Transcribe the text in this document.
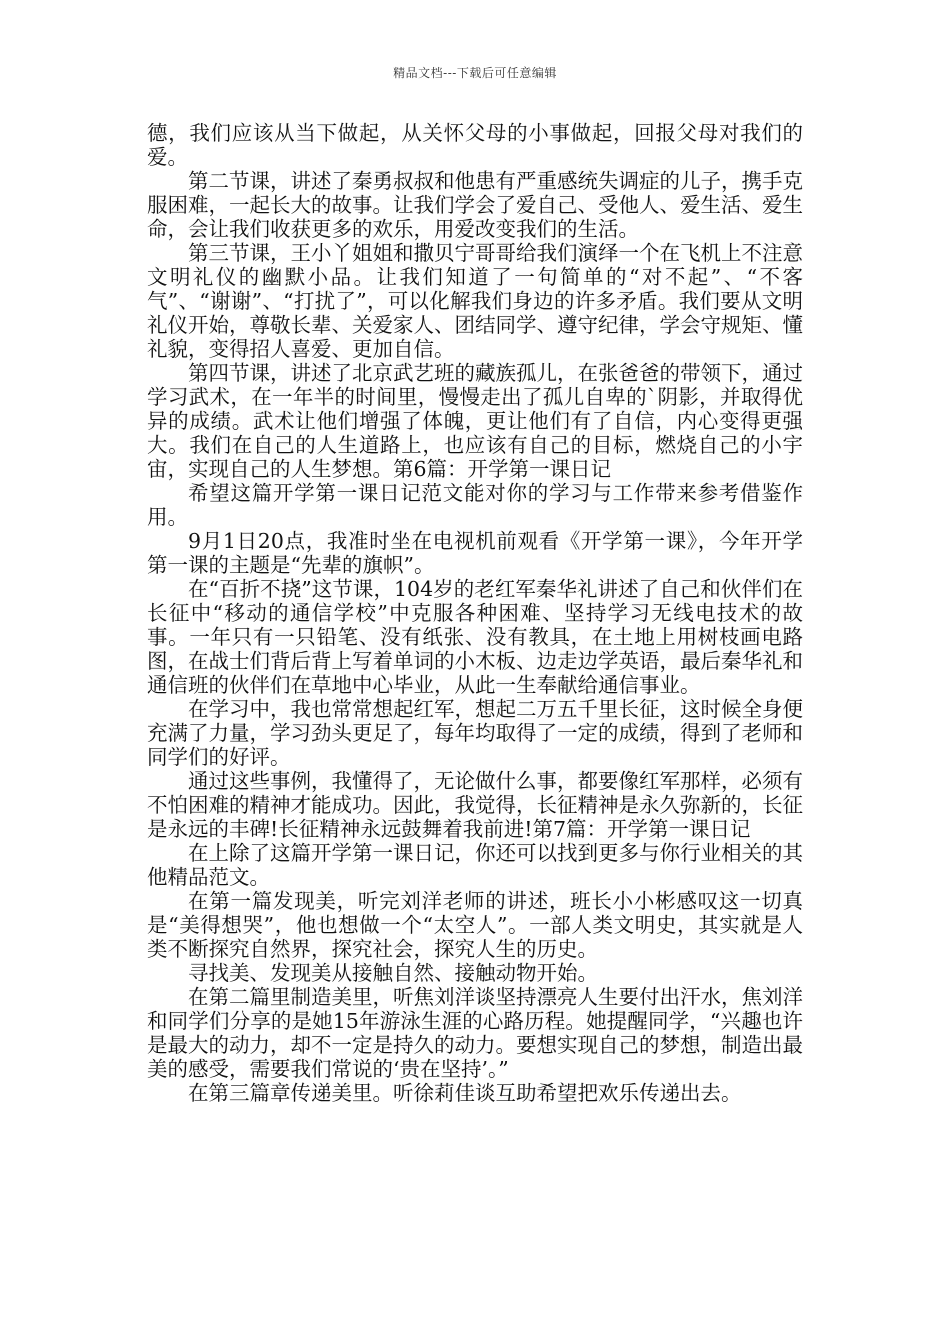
精品文档---下载后可任意编辑

德，我们应该从当下做起，从关怀父母的小事做起，回报父母对我们的爱。

第二节课，讲述了秦勇叔叔和他患有严重感统失调症的儿子，携手克服困难，一起长大的故事。让我们学会了爱自己、受他人、爱生活、爱生命，会让我们收获更多的欢乐，用爱改变我们的生活。

第三节课，王小丫姐姐和撒贝宁哥哥给我们演绎一个在飞机上不注意文明礼仪的幽默小品。让我们知道了一句简单的“对不起”、“不客气”、“谢谢”、“打扰了”，可以化解我们身边的许多矛盾。我们要从文明礼仪开始，尊敬长辈、关爱家人、团结同学、遵守纪律，学会守规矩、懂礼貌，变得招人喜爱、更加自信。

第四节课，讲述了北京武艺班的藏族孤儿，在张爸爸的带领下，通过学习武术，在一年半的时间里，慢慢走出了孤儿自卑的`阴影，并取得优异的成绩。武术让他们增强了体魄，更让他们有了自信，内心变得更强大。我们在自己的人生道路上，也应该有自己的目标，燃烧自己的小宇宙，实现自己的人生梦想。第6篇：开学第一课日记

希望这篇开学第一课日记范文能对你的学习与工作带来参考借鉴作用。

9月1日20点，我准时坐在电视机前观看《开学第一课》，今年开学第一课的主题是“先辈的旗帜”。

在“百折不挠”这节课，104岁的老红军秦华礼讲述了自己和伙伴们在长征中“移动的通信学校”中克服各种困难、坚持学习无线电技术的故事。一年只有一只铅笔、没有纸张、没有教具，在土地上用树枝画电路图，在战士们背后背上写着单词的小木板、边走边学英语，最后秦华礼和通信班的伙伴们在草地中心毕业，从此一生奉献给通信事业。

在学习中，我也常常想起红军，想起二万五千里长征，这时候全身便充满了力量，学习劲头更足了，每年均取得了一定的成绩，得到了老师和同学们的好评。

通过这些事例，我懂得了，无论做什么事，都要像红军那样，必须有不怕困难的精神才能成功。因此，我觉得，长征精神是永久弥新的，长征是永远的丰碑!长征精神永远鼓舞着我前进!第7篇：开学第一课日记

在上除了这篇开学第一课日记，你还可以找到更多与你行业相关的其他精品范文。

在第一篇发现美，听完刘洋老师的讲述，班长小小彬感叹这一切真是“美得想哭”，他也想做一个“太空人”。一部人类文明史，其实就是人类不断探究自然界，探究社会，探究人生的历史。

寻找美、发现美从接触自然、接触动物开始。

在第二篇里制造美里，听焦刘洋谈坚持漂亮人生要付出汗水，焦刘洋和同学们分享的是她15年游泳生涯的心路历程。她提醒同学，“兴趣也许是最大的动力，却不一定是持久的动力。要想实现自己的梦想，制造出最美的感受，需要我们常说的‘贵在坚持’。”

在第三篇章传递美里。听徐莉佳谈互助希望把欢乐传递出去。
